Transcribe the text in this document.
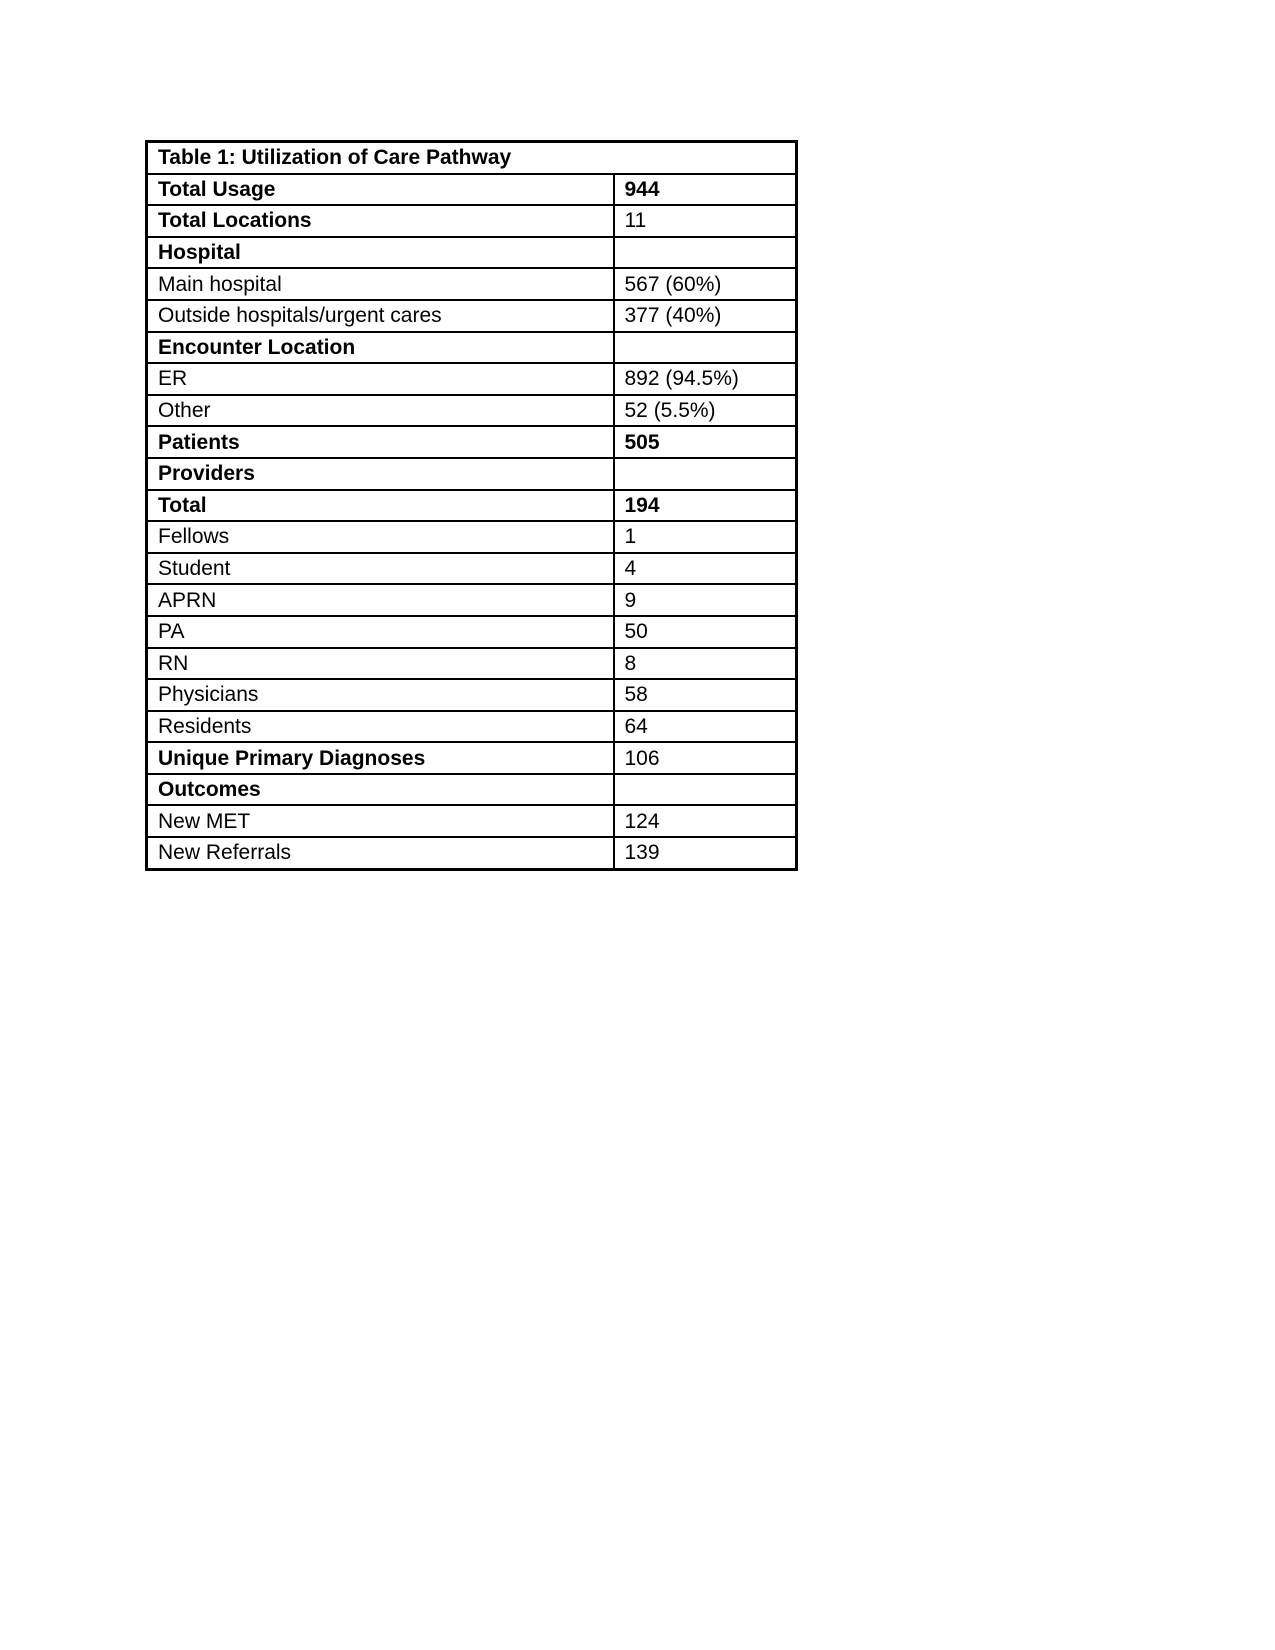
Table 1: Utilization of Care Pathway	
Total Usage	944
Total Locations	11
Hospital	
Main hospital	567 (60%)
Outside hospitals/urgent cares	377 (40%)
Encounter Location	
ER	892 (94.5%)
Other	52 (5.5%)
Patients	505
Providers	
Total	194
Fellows	1
Student	4
APRN	9
PA	50
RN	8
Physicians	58
Residents	64
Unique Primary Diagnoses	106
Outcomes	
New MET	124
New Referrals	139
